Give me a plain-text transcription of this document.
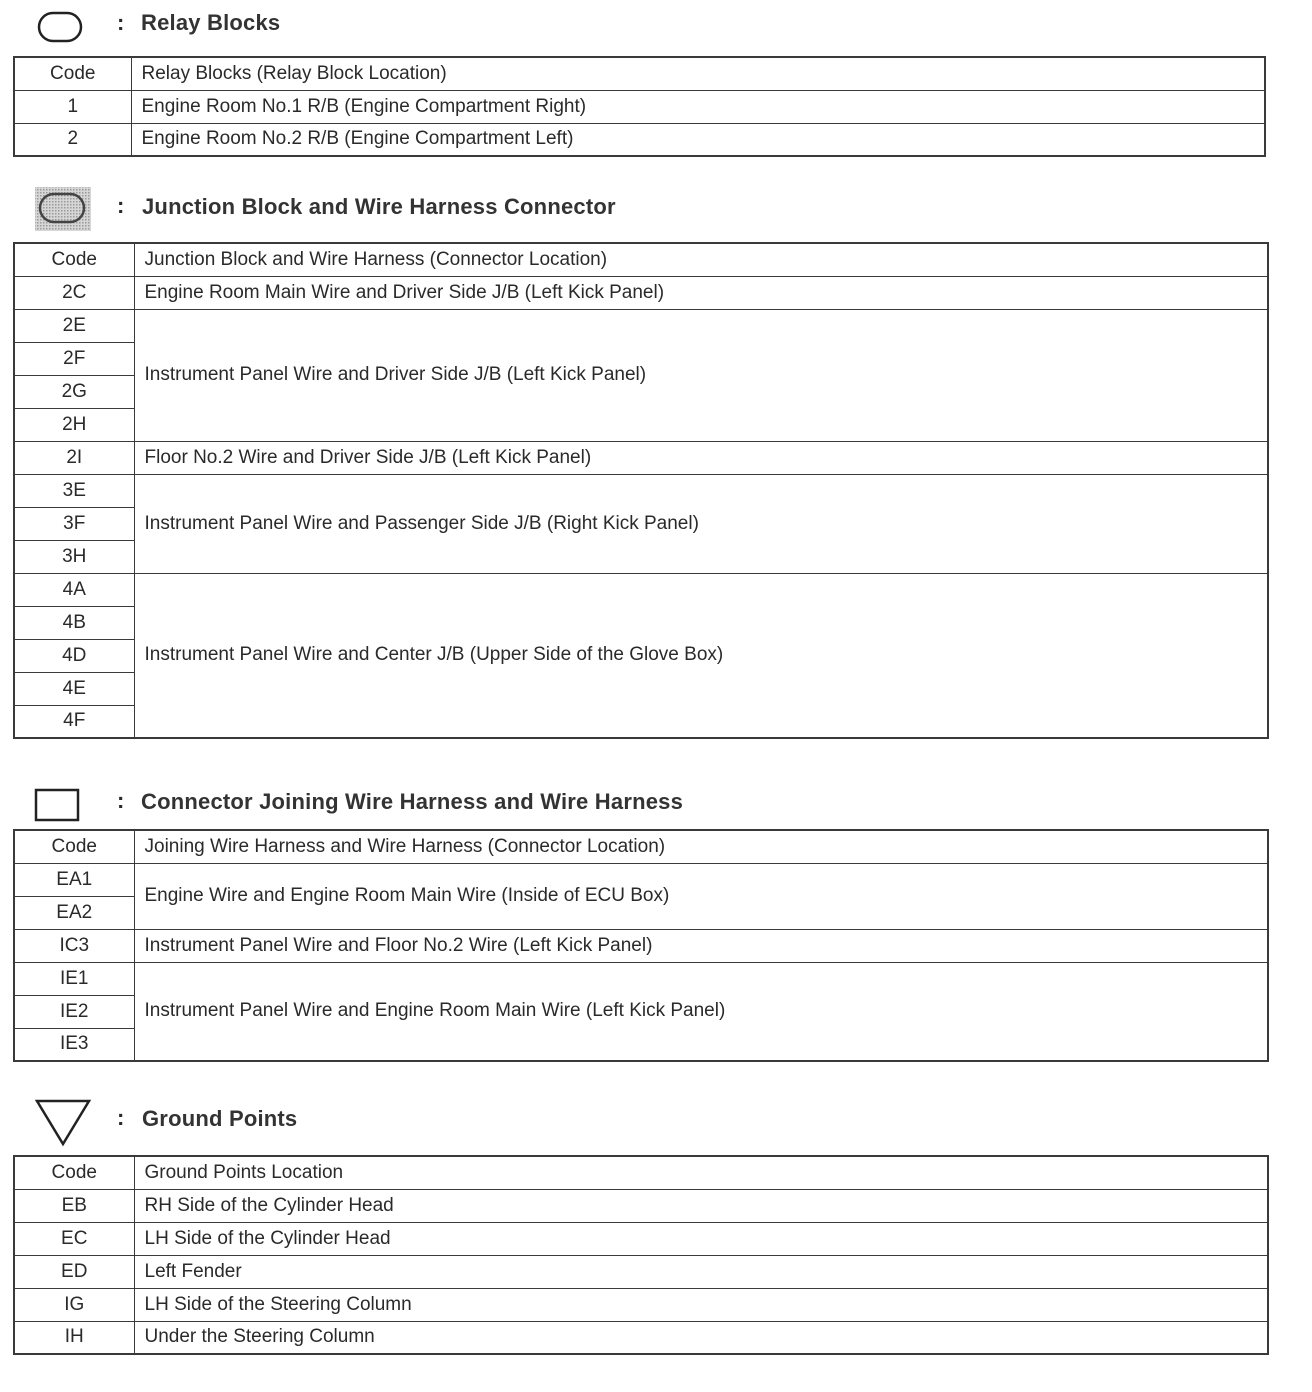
: Relay Blocks
Code	Relay Blocks (Relay Block Location)
1	Engine Room No.1 R/B (Engine Compartment Right)
2	Engine Room No.2 R/B (Engine Compartment Left)
: Junction Block and Wire Harness Connector
Code	Junction Block and Wire Harness (Connector Location)
2C	Engine Room Main Wire and Driver Side J/B (Left Kick Panel)
2E	Instrument Panel Wire and Driver Side J/B (Left Kick Panel)
2F	
2G	
2H	
2I	Floor No.2 Wire and Driver Side J/B (Left Kick Panel)
3E	Instrument Panel Wire and Passenger Side J/B (Right Kick Panel)
3F	
3H	
4A	Instrument Panel Wire and Center J/B (Upper Side of the Glove Box)
4B	
4D	
4E	
4F	
: Connector Joining Wire Harness and Wire Harness
Code	Joining Wire Harness and Wire Harness (Connector Location)
EA1	Engine Wire and Engine Room Main Wire (Inside of ECU Box)
EA2	
IC3	Instrument Panel Wire and Floor No.2 Wire (Left Kick Panel)
IE1	Instrument Panel Wire and Engine Room Main Wire (Left Kick Panel)
IE2	
IE3	
: Ground Points
Code	Ground Points Location
EB	RH Side of the Cylinder Head
EC	LH Side of the Cylinder Head
ED	Left Fender
IG	LH Side of the Steering Column
IH	Under the Steering Column
